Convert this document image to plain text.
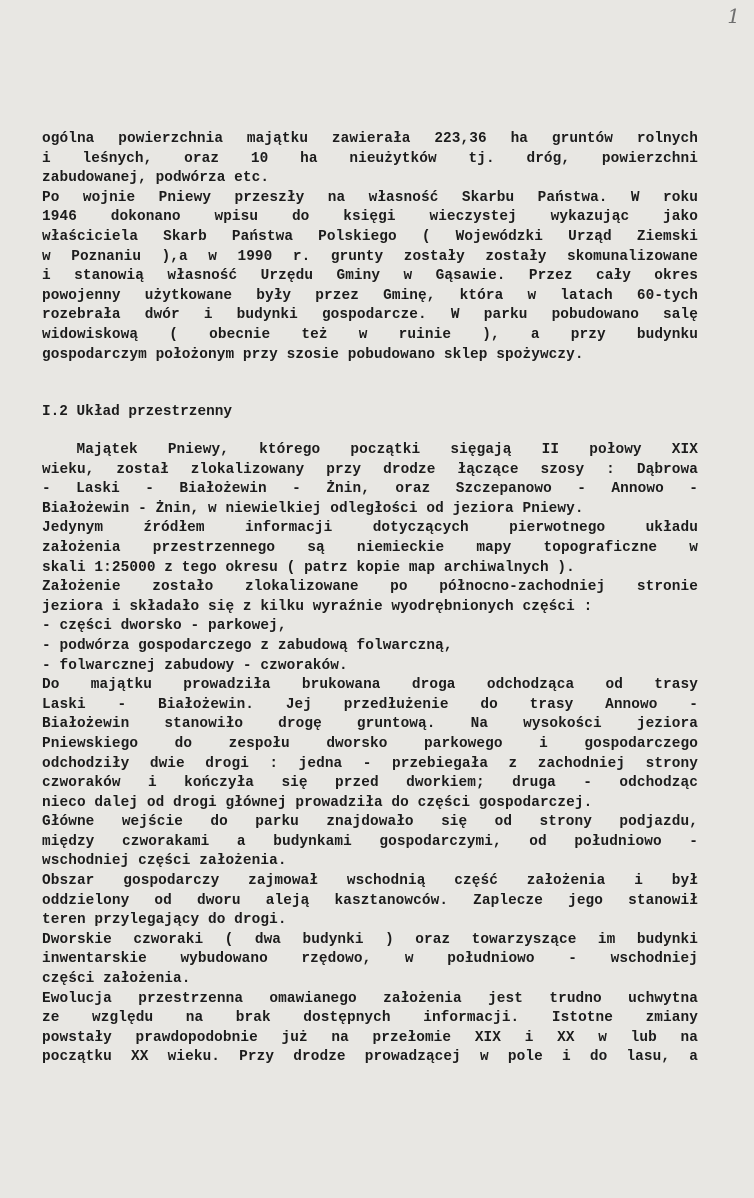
1
ogólna powierzchnia majątku zawierała 223,36 ha gruntów rolnych
i leśnych, oraz 10 ha nieużytków tj. dróg, powierzchni
zabudowanej, podwórza etc.
Po wojnie Pniewy przeszły na własność Skarbu Państwa. W roku
1946 dokonano wpisu do księgi wieczystej wykazując jako
właściciela Skarb Państwa Polskiego ( Wojewódzki Urząd Ziemski
w Poznaniu ),a w 1990 r. grunty zostały zostały skomunalizowane
i stanowią własność Urzędu Gminy w Gąsawie. Przez cały okres
powojenny użytkowane były przez Gminę, która w latach 60-tych
rozebrała dwór i budynki gospodarcze. W parku pobudowano salę
widowiskową ( obecnie też w ruinie ), a przy budynku
gospodarczym położonym przy szosie pobudowano sklep spożywczy.
I.2 Układ przestrzenny
Majątek Pniewy, którego początki sięgają II połowy XIX
wieku, został zlokalizowany przy drodze łączące szosy : Dąbrowa
- Laski - Białożewin - Żnin, oraz Szczepanowo - Annowo -
Białożewin - Żnin, w niewielkiej odległości od jeziora Pniewy.
Jedynym źródłem informacji dotyczących pierwotnego układu
założenia przestrzennego są niemieckie mapy topograficzne w
skali 1:25000 z tego okresu ( patrz kopie map archiwalnych ).
Założenie zostało zlokalizowane po północno-zachodniej stronie
jeziora i składało się z kilku wyraźnie wyodrębnionych części :
- części dworsko - parkowej,
- podwórza gospodarczego z zabudową folwarczną,
- folwarcznej zabudowy - czworaków.
Do majątku prowadziła brukowana droga odchodząca od trasy
Laski - Białożewin. Jej przedłużenie do trasy Annowo -
Białożewin stanowiło drogę gruntową. Na wysokości jeziora
Pniewskiego do zespołu dworsko parkowego i gospodarczego
odchodziły dwie drogi : jedna - przebiegała z zachodniej strony
czworaków i kończyła się przed dworkiem; druga - odchodząc
nieco dalej od drogi głównej prowadziła do części gospodarczej.
Główne wejście do parku znajdowało się od strony podjazdu,
między czworakami a budynkami gospodarczymi, od południowo -
wschodniej części założenia.
Obszar gospodarczy zajmował wschodnią część założenia i był
oddzielony od dworu aleją kasztanowców. Zaplecze jego stanowił
teren przylegający do drogi.
Dworskie czworaki ( dwa budynki ) oraz towarzyszące im budynki
inwentarskie wybudowano rzędowo, w południowo - wschodniej
części założenia.
Ewolucja przestrzenna omawianego założenia jest trudno uchwytna
ze względu na brak dostępnych informacji. Istotne zmiany
powstały prawdopodobnie już na przełomie XIX i XX w lub na
początku XX wieku. Przy drodze prowadzącej w pole i do lasu, a
